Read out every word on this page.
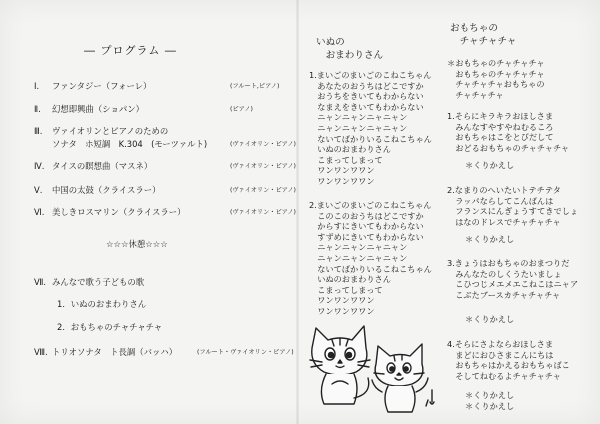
― プログラム ―
Ⅰ. ファンタジー（フォーレ）	(フルート,ピアノ)
Ⅱ. 幻想即興曲（ショパン）	(ピアノ)
Ⅲ. ヴァイオリンとピアノのための
ソナタ　ホ短調　K.304　(モーツァルト)	(ヴァイオリン・ピアノ)
Ⅳ. タイスの瞑想曲（マスネ）	(ヴァイオリン・ピアノ)
Ⅴ. 中国の太鼓（クライスラー）	(ヴァイオリン・ピアノ)
Ⅵ. 美しきロスマリン（クライスラー）	(ヴァイオリン・ピアノ)
☆☆☆休憩☆☆☆
Ⅶ. みんなで歌う子どもの歌
1．いぬのおまわりさん
2．おもちゃのチャチャチャ
Ⅷ. トリオソナタ　ト長調（バッハ）	(フルート・ヴァイオリン・ピアノ)
いぬの
　おまわりさん
1.まいごのまいごのこねこちゃん
　あなたのおうちはどこですか
　おうちをきいてもわからない
　なまえをきいてもわからない
　ニャンニャンニャニャン
　ニャンニャンニャニャン
　ないてばかりいるこねこちゃん
　いぬのおまわりさん
　こまってしまって
　ワンワンワワン
　ワンワンワワン
2.まいごのまいごのこねこちゃん
　このこのおうちはどこですか
　からすにきいてもわからない
　すずめにきいてもわからない
　ニャンニャンニャニャン
　ニャンニャンニャニャン
　ないてばかりいるこねこちゃん
　いぬのおまわりさん
　こまってしまって
　ワンワンワワン
　ワンワンワワン
おもちゃの
　チャチャチャ
＊おもちゃのチャチャチャ
　おもちゃのチャチャチャ
　チャチャチャおもちゃの
　チャチャチャ
1.そらにキラキラおほしさま
　みんなすやすやねむるころ
　おもちゃはこをとびだして
　おどるおもちゃのチャチャチャ
＊くりかえし
2.なまりのへいたいトテチテタ
　ラッパならしてこんばんは
　フランスにんぎょうすてきでしょ
　はなのドレスでチャチャチャ
＊くりかえし
3.きょうはおもちゃのおまつりだ
　みんなたのしくうたいましょ
　こひつじメエメエこねこはニャア
　こぶたブースカチャチャチャ
＊くりかえし
4.そらにさよならおほしさま
　まどにおひさまこんにちは
　おもちゃはかえるおもちゃばこ
　そしてねむるよチャチャチャ
＊くりかえし
＊くりかえし
